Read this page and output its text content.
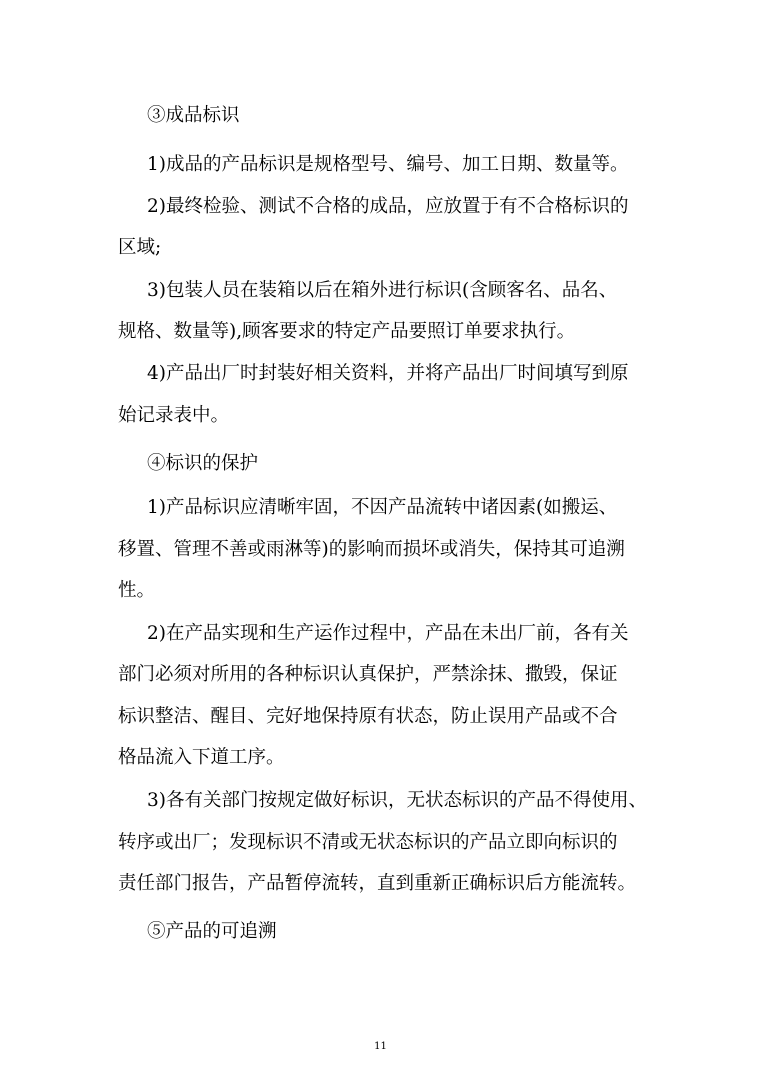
③成品标识
1)成品的产品标识是规格型号、编号、加工日期、数量等。
2)最终检验、测试不合格的成品，应放置于有不合格标识的
区域;
3)包装人员在装箱以后在箱外进行标识(含顾客名、品名、
规格、数量等),顾客要求的特定产品要照订单要求执行。
4)产品出厂时封装好相关资料，并将产品出厂时间填写到原
始记录表中。
④标识的保护
1)产品标识应清晰牢固，不因产品流转中诸因素(如搬运、
移置、管理不善或雨淋等)的影响而损坏或消失，保持其可追溯
性。
2)在产品实现和生产运作过程中，产品在未出厂前，各有关
部门必须对所用的各种标识认真保护，严禁涂抹、撒毁，保证
标识整洁、醒目、完好地保持原有状态，防止误用产品或不合
格品流入下道工序。
3)各有关部门按规定做好标识，无状态标识的产品不得使用、
转序或出厂；发现标识不清或无状态标识的产品立即向标识的
责任部门报告，产品暂停流转，直到重新正确标识后方能流转。
⑤产品的可追溯
11
